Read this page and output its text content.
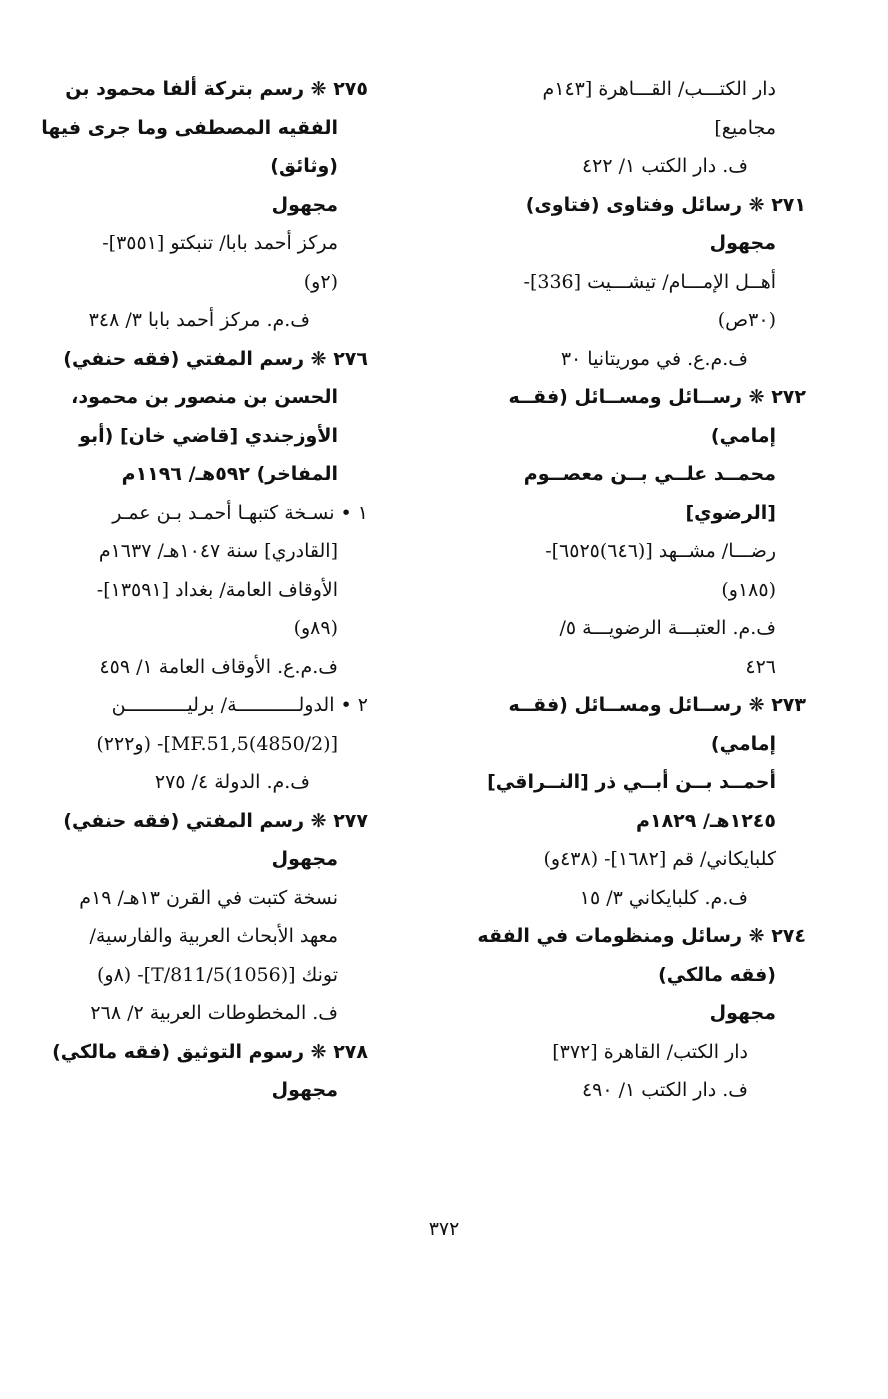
دار الكتـــب/ القـــاهرة [١٤٣م
مجاميع]
ف. دار الكتب ١/ ٤٢٢
٢٧١ ❋ رسائل وفتاوى (فتاوى)
مجهول
أهــل الإمـــام/ تيشـــيت [336]-
(٣٠ص)
ف.م.ع. في موريتانيا ٣٠
٢٧٢ ❋ رســائل ومســائل (فقــه
إمامي)
محمــد علــي بــن معصــوم
[الرضوي]
رضـــا/ مشــهد [(٦٤٦)٦٥٢٥]-
(١٨٥و)
ف.م. العتبـــة الرضويـــة ٥/
٤٢٦
٢٧٣ ❋ رســائل ومســائل (فقــه
إمامي)
أحمــد بــن أبــي ذر [النــراقي]
١٢٤٥هـ/ ١٨٢٩م
كلبايكاني/ قم [١٦٨٢]- (٤٣٨و)
ف.م. كلبايكاني ٣/ ١٥
٢٧٤ ❋ رسائل ومنظومات في الفقه
(فقه مالكي)
مجهول
دار الكتب/ القاهرة [٣٧٢]
ف. دار الكتب ١/ ٤٩٠
٢٧٥ ❋ رسم بتركة ألفا محمود بن
الفقيه المصطفى وما جرى فيها
(وثائق)
مجهول
مركز أحمد بابا/ تنبكتو [٣٥٥١]-
(٢و)
ف.م. مركز أحمد بابا ٣/ ٣٤٨
٢٧٦ ❋ رسم المفتي (فقه حنفي)
الحسن بن منصور بن محمود،
الأوزجندي [قاضي خان] (أبو
المفاخر) ٥٩٢هـ/ ١١٩٦م
١ • نسـخة كتبهـا أحمـد بـن عمـر
[القادري] سنة ١٠٤٧هـ/ ١٦٣٧م
الأوقاف العامة/ بغداد [١٣٥٩١]-
(٨٩و)
ف.م.ع. الأوقاف العامة ١/ ٤٥٩
٢ • الدولـــــــــــة/ برليـــــــــــن
[(4850/2)MF.51,5]- (و٢٢٢)
ف.م. الدولة ٤/ ٢٧٥
٢٧٧ ❋ رسم المفتي (فقه حنفي)
مجهول
نسخة كتبت في القرن ١٣هـ/ ١٩م
معهد الأبحاث العربية والفارسية/
تونك [(1056)T/811/5]- (٨و)
ف. المخطوطات العربية ٢/ ٢٦٨
٢٧٨ ❋ رسوم التوثيق (فقه مالكي)
مجهول
٣٧٢
